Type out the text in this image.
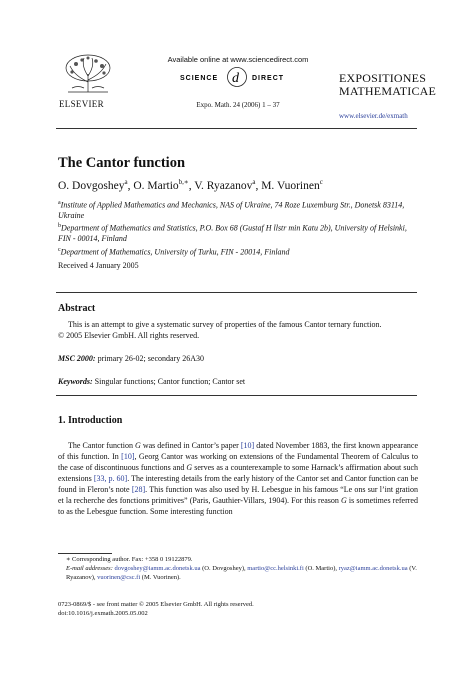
ELSEVIER
Available online at www.sciencedirect.com
SCIENCE d DIRECT
Expo. Math. 24 (2006) 1 – 37
EXPOSITIONES
MATHEMATICAE
www.elsevier.de/exmath
The Cantor function
O. Dovgoshey$^a$, O. Martio$^{b,∗}$, V. Ryazanov$^a$, M. Vuorinen$^c$
$^a$Institute of Applied Mathematics and Mechanics, NAS of Ukraine, 74 Roze Luxemburg Str., Donetsk 83114, Ukraine
$^b$Department of Mathematics and Statistics, P.O. Box 68 (Gustaf H llstr min Katu 2b), University of Helsinki, FIN - 00014, Finland
$^c$Department of Mathematics, University of Turku, FIN - 20014, Finland
Received 4 January 2005
Abstract
This is an attempt to give a systematic survey of properties of the famous Cantor ternary function.
© 2005 Elsevier GmbH. All rights reserved.
MSC 2000: primary 26-02; secondary 26A30
Keywords: Singular functions; Cantor function; Cantor set
1. Introduction
The Cantor function G was defined in Cantor’s paper [10] dated November 1883, the first known appearance of this function. In [10], Georg Cantor was working on extensions of the Fundamental Theorem of Calculus to the case of discontinuous functions and G serves as a counterexample to some Harnack’s affirmation about such extensions [33, p. 60]. The interesting details from the early history of the Cantor set and Cantor function can be found in Fleron’s note [28]. This function was also used by H. Lebesgue in his famous “Le ons sur l’int gration et la recherche des fonctions primitives” (Paris, Gauthier-Villars, 1904). For this reason G is sometimes referred to as the Lebesgue function. Some interesting function
∗ Corresponding author. Fax: +358 0 19122879.
E-mail addresses: dovgoshey@iamm.ac.donetsk.ua (O. Dovgoshey), martio@cc.helsinki.fi (O. Martio), ryaz@iamm.ac.donetsk.ua (V. Ryazanov), vuorinen@csc.fi (M. Vuorinen).
0723-0869/$ - see front matter © 2005 Elsevier GmbH. All rights reserved.
doi:10.1016/j.exmath.2005.05.002
